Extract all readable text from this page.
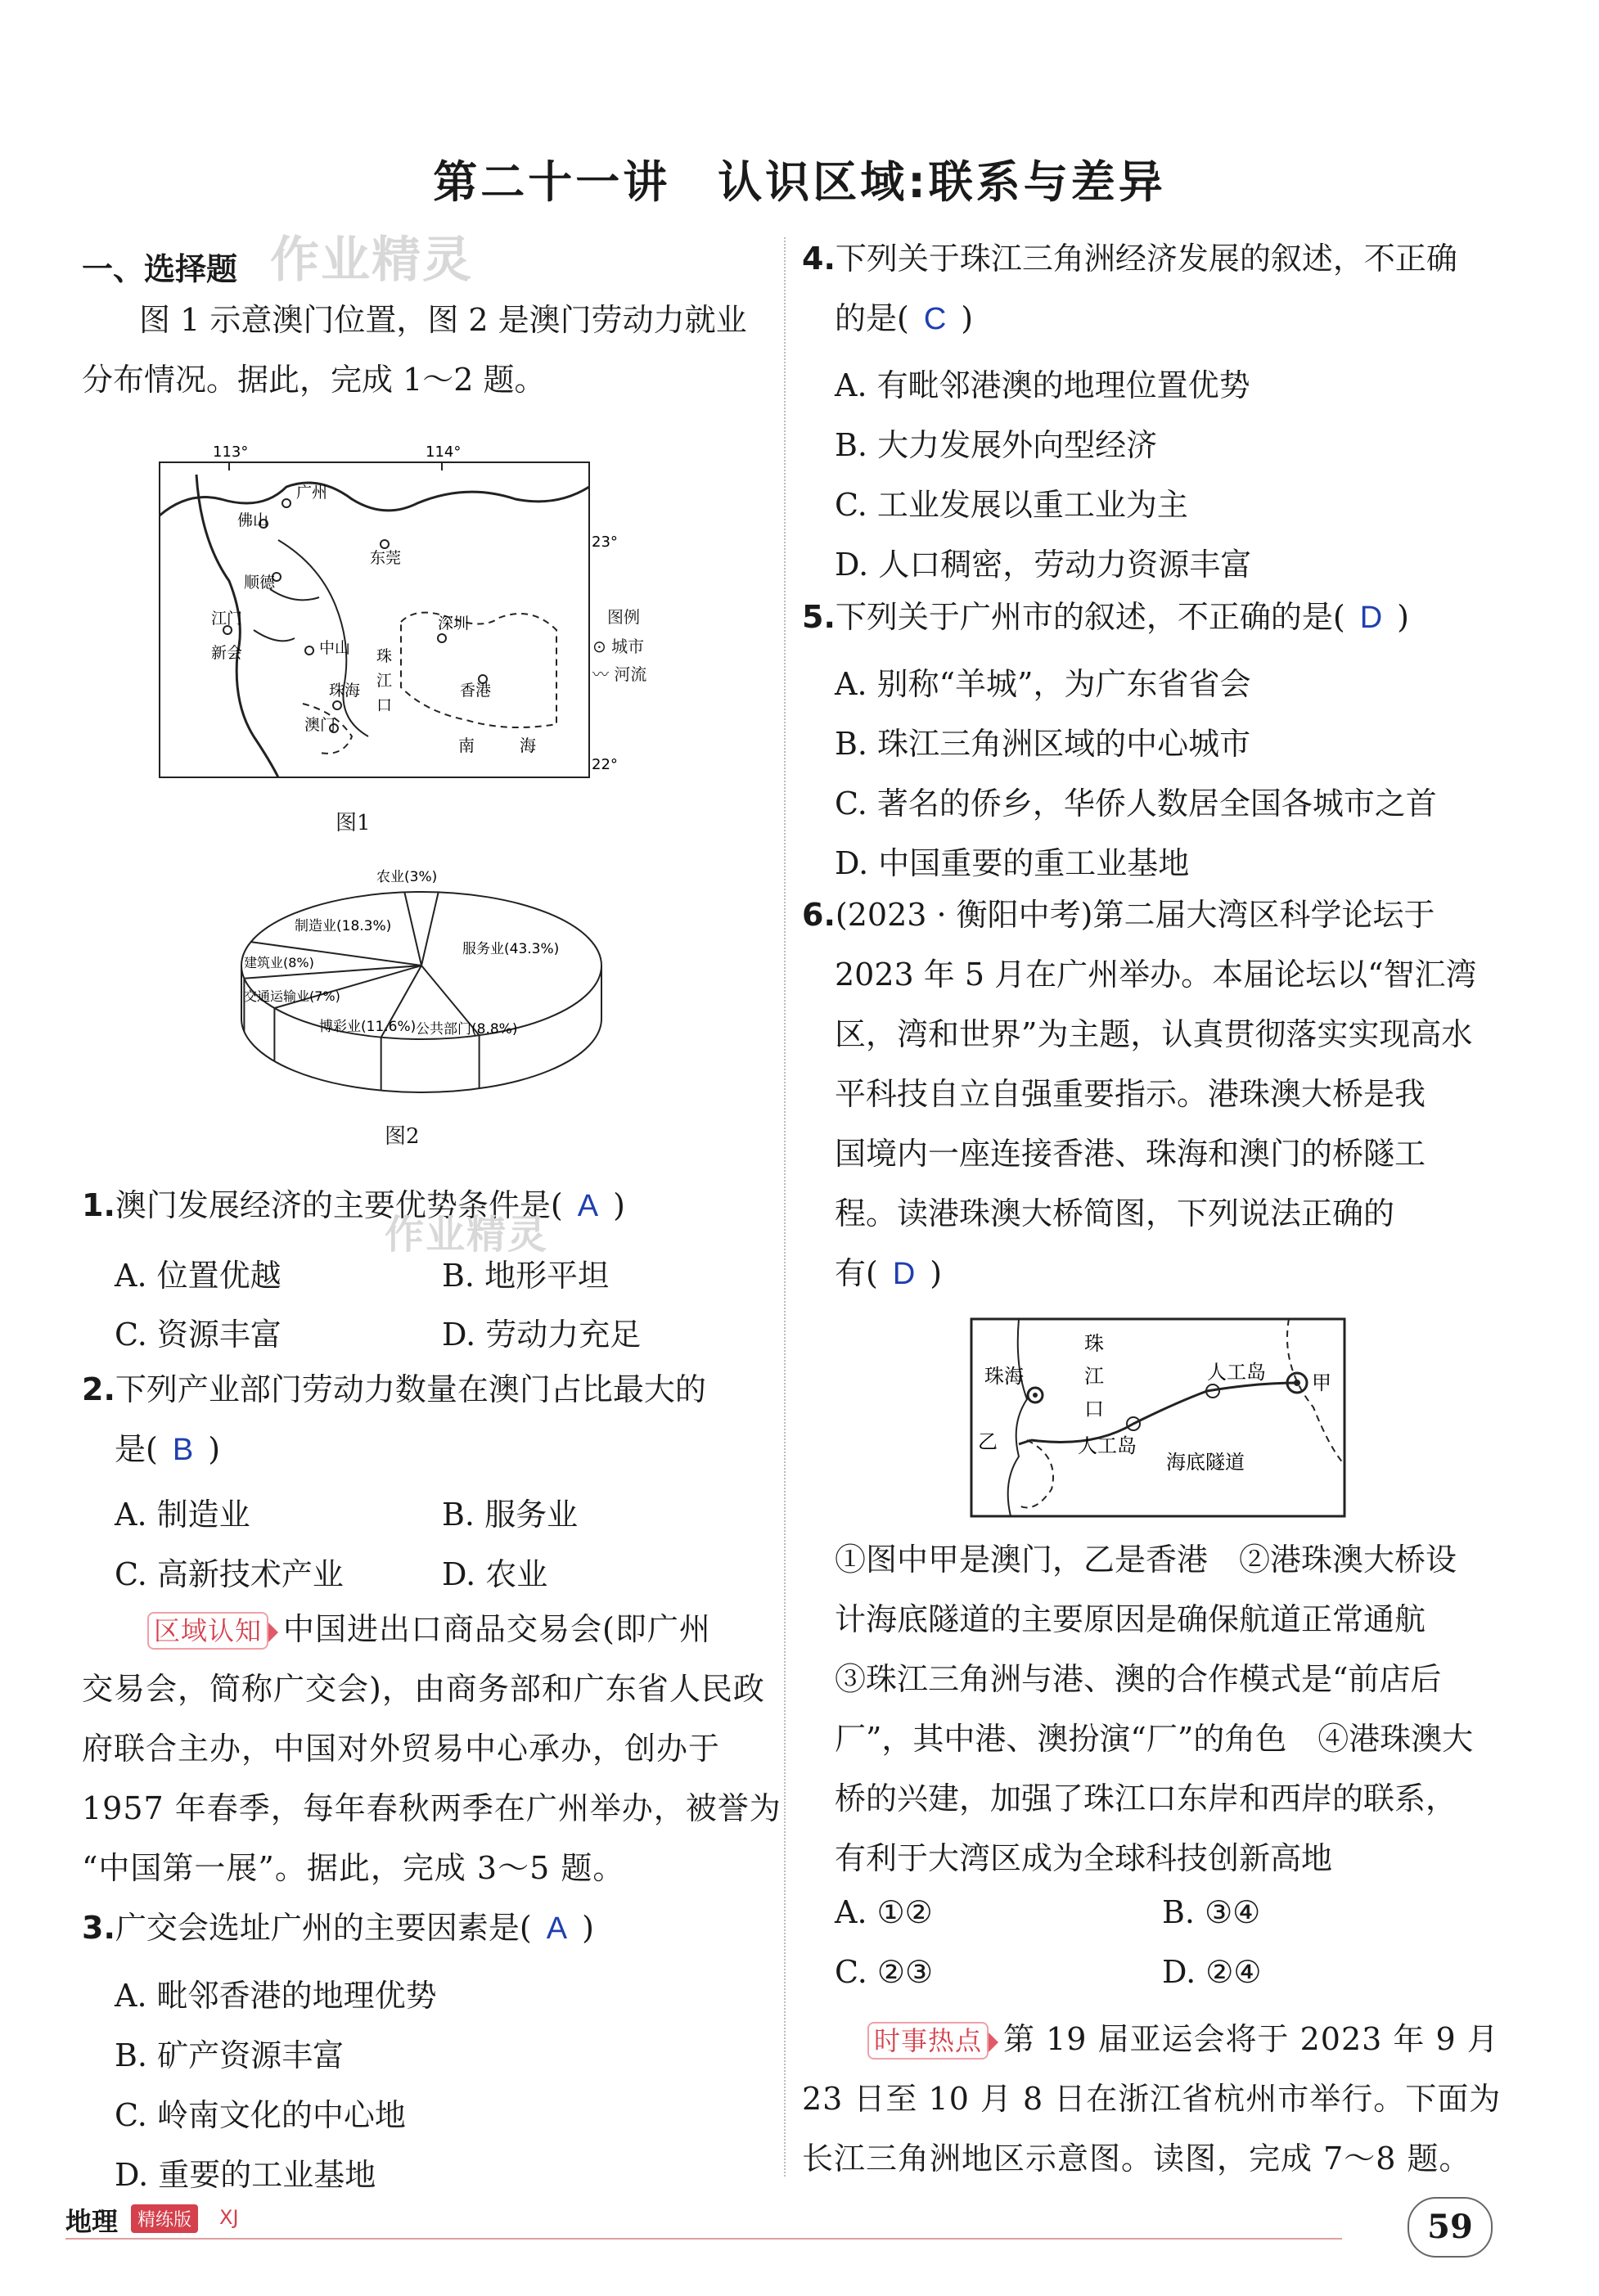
第二十一讲　认识区域:联系与差异
作业精灵
一、选择题
图 1 示意澳门位置，图 2 是澳门劳动力就业
分布情况。据此，完成 1～2 题。
113°	114°
23°
22°
广州
佛山
东莞
顺德
江门
新会	中山
珠海
澳门
深圳
香港
珠
江
口
南	海
图例
⊙ 城市
〰 河流
图1
农业(3%)
服务业(43.3%)
公共部门(8.8%)
博彩业(11.6%)
交通运输业(7%)
建筑业(8%)
制造业(18.3%)
图2
1.澳门发展经济的主要优势条件是( A )
作业精灵
A. 位置优越	B. 地形平坦
C. 资源丰富	D. 劳动力充足
2.下列产业部门劳动力数量在澳门占比最大的
是( B )
A. 制造业	B. 服务业
C. 高新技术产业	D. 农业
区域认知 中国进出口商品交易会(即广州
交易会，简称广交会)，由商务部和广东省人民政
府联合主办，中国对外贸易中心承办，创办于
1957 年春季，每年春秋两季在广州举办，被誉为
“中国第一展”。据此，完成 3～5 题。
3.广交会选址广州的主要因素是( A )
A. 毗邻香港的地理优势
B. 矿产资源丰富
C. 岭南文化的中心地
D. 重要的工业基地
4.下列关于珠江三角洲经济发展的叙述，不正确
的是( C )
A. 有毗邻港澳的地理位置优势
B. 大力发展外向型经济
C. 工业发展以重工业为主
D. 人口稠密，劳动力资源丰富
5.下列关于广州市的叙述，不正确的是( D )
A. 别称“羊城”，为广东省省会
B. 珠江三角洲区域的中心城市
C. 著名的侨乡，华侨人数居全国各城市之首
D. 中国重要的重工业基地
6.(2023 · 衡阳中考)第二届大湾区科学论坛于
2023 年 5 月在广州举办。本届论坛以“智汇湾
区，湾和世界”为主题，认真贯彻落实实现高水
平科技自立自强重要指示。港珠澳大桥是我
国境内一座连接香港、珠海和澳门的桥隧工
程。读港珠澳大桥简图，下列说法正确的
有( D )
珠海
珠
江
口
人工岛
人工岛
海底隧道
甲
乙
①图中甲是澳门，乙是香港　②港珠澳大桥设
计海底隧道的主要原因是确保航道正常通航
③珠江三角洲与港、澳的合作模式是“前店后
厂”，其中港、澳扮演“厂”的角色　④港珠澳大
桥的兴建，加强了珠江口东岸和西岸的联系，
有利于大湾区成为全球科技创新高地
A. ①②	B. ③④
C. ②③	D. ②④
时事热点 第 19 届亚运会将于 2023 年 9 月
23 日至 10 月 8 日在浙江省杭州市举行。下面为
长江三角洲地区示意图。读图，完成 7～8 题。
地理	精练版	XJ	59
